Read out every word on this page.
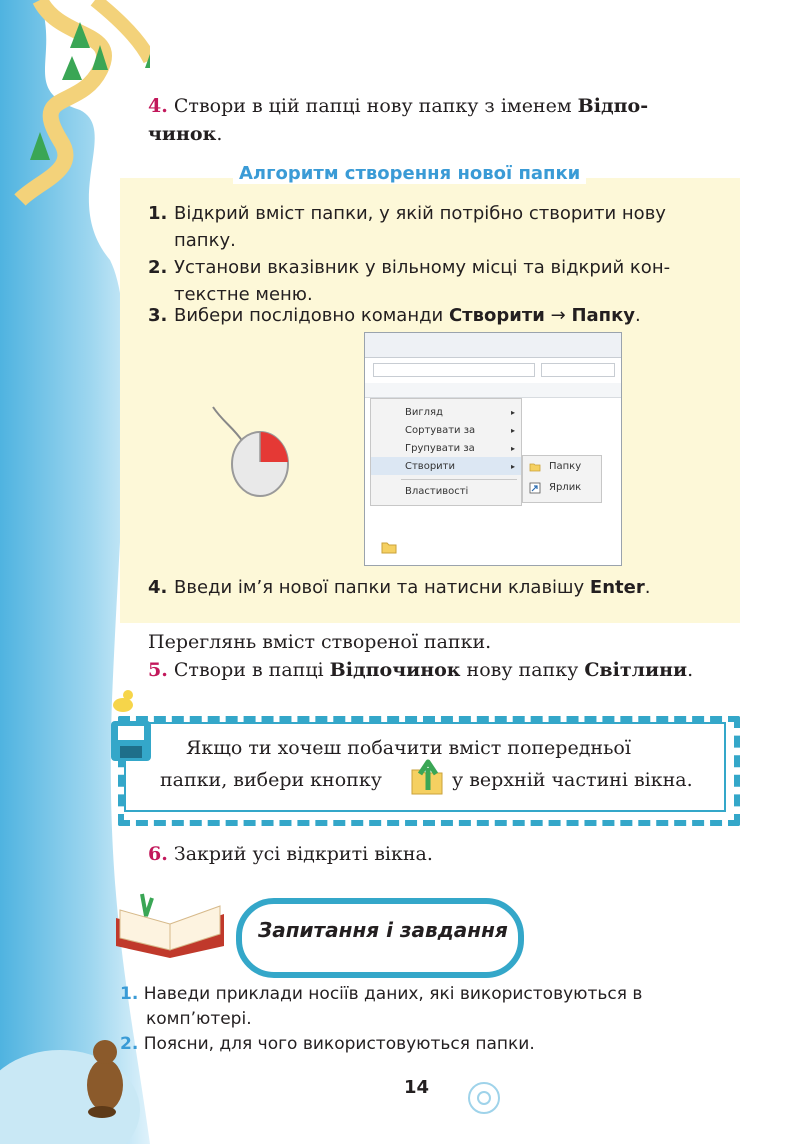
4. Створи в цій папці нову папку з іменем Відпо-
чинок.
Алгоритм створення нової папки
1. Відкрий вміст папки, у якій потрібно створити нову
папку.
2. Установи вказівник у вільному місці та відкрий кон-
текстне меню.
3. Вибери послідовно команди Створити → Папку.
Вигляд	▸
Сортувати за	▸
Групувати за	▸
Створити	▸
Властивості
Папку
Ярлик
4. Введи ім’я нової папки та натисни клавішу Enter.
Переглянь вміст створеної папки.
5. Створи в папці Відпочинок нову папку Світлини.
Якщо ти хочеш побачити вміст попередньої
папки, вибери кнопку	у верхній частині вікна.
6. Закрий усі відкриті вікна.
Запитання і завдання
1. Наведи приклади носіїв даних, які використовуються в
комп’ютері.
2. Поясни, для чого використовуються папки.
14
